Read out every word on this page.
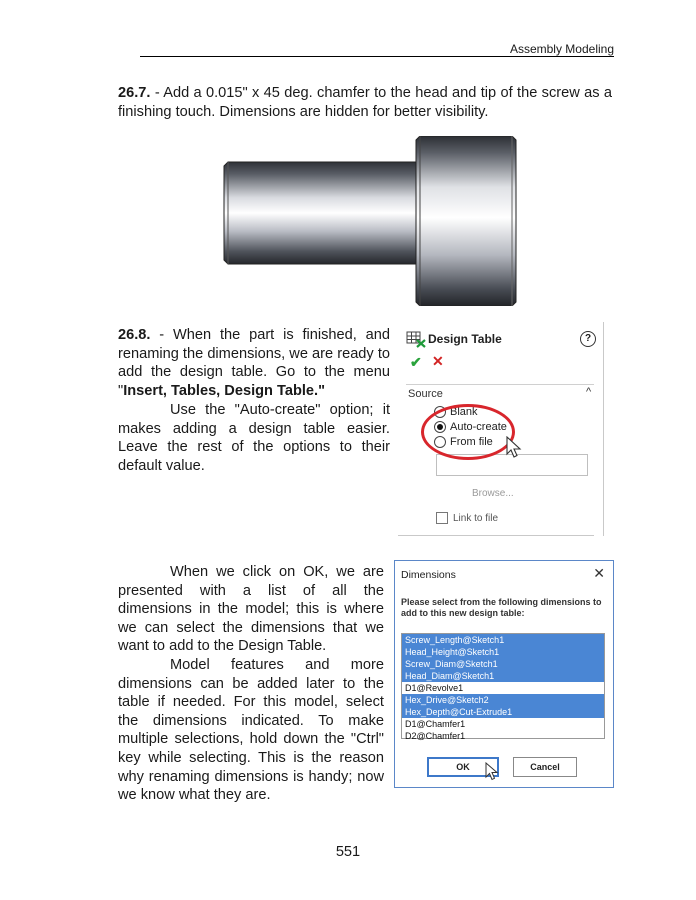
Assembly Modeling
26.7. - Add a 0.015" x 45 deg. chamfer to the head and tip of the screw as a finishing touch. Dimensions are hidden for better visibility.
26.8. - When the part is finished, and renaming the dimensions, we are ready to add the design table. Go to the menu "Insert, Tables, Design Table."
Use the "Auto-create" option; it makes adding a design table easier. Leave the rest of the options to their default value.
Design Table	?
✔ ✕
Source	^
Blank
Auto-create
From file
Browse...
Link to file
When we click on OK, we are presented with a list of all the dimensions in the model; this is where we can select the dimensions that we want to add to the Design Table.
Model features and more dimensions can be added later to the table if needed. For this model, select the dimensions indicated. To make multiple selections, hold down the "Ctrl" key while selecting. This is the reason why renaming dimensions is handy; now we know what they are.
Dimensions	✕
Please select from the following dimensions to add to this new design table:
Screw_Length@Sketch1
Head_Height@Sketch1
Screw_Diam@Sketch1
Head_Diam@Sketch1
D1@Revolve1
Hex_Drive@Sketch2
Hex_Depth@Cut-Extrude1
D1@Chamfer1
D2@Chamfer1
OK	Cancel
551
